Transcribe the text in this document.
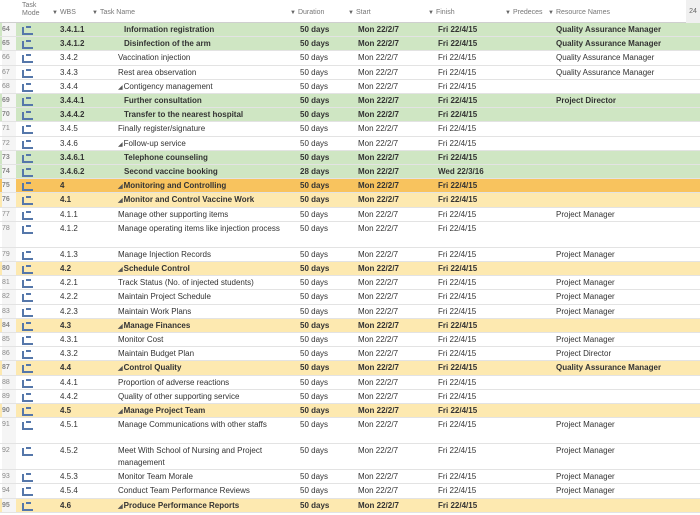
Task
Mode	▼ WBS	▼ Task Name	▼ Duration	▼ Start	▼ Finish	▼ Predeces ▼ Resource Names	24
64	3.4.1.1	Information registration	50 days	Mon 22/2/7	Fri 22/4/15	Quality Assurance Manager
65	3.4.1.2	Disinfection of the arm	50 days	Mon 22/2/7	Fri 22/4/15	Quality Assurance Manager
66	3.4.2	Vaccination injection	50 days	Mon 22/2/7	Fri 22/4/15	Quality Assurance Manager
67	3.4.3	Rest area observation	50 days	Mon 22/2/7	Fri 22/4/15	Quality Assurance Manager
68	3.4.4	◢Contigency management	50 days	Mon 22/2/7	Fri 22/4/15
69	3.4.4.1	Further consultation	50 days	Mon 22/2/7	Fri 22/4/15	Project Director
70	3.4.4.2	Transfer to the nearest hospital	50 days	Mon 22/2/7	Fri 22/4/15
71	3.4.5	Finally register/signature	50 days	Mon 22/2/7	Fri 22/4/15
72	3.4.6	◢Follow-up service	50 days	Mon 22/2/7	Fri 22/4/15
73	3.4.6.1	Telephone counseling	50 days	Mon 22/2/7	Fri 22/4/15
74	3.4.6.2	Second vaccine booking	28 days	Mon 22/2/7	Wed 22/3/16
75	4	◢Monitoring and Controlling	50 days	Mon 22/2/7	Fri 22/4/15
76	4.1	◢Monitor and Control Vaccine Work	50 days	Mon 22/2/7	Fri 22/4/15
77	4.1.1	Manage other supporting items	50 days	Mon 22/2/7	Fri 22/4/15	Project Manager
78	4.1.2	Manage operating items like injection process	50 days	Mon 22/2/7	Fri 22/4/15
79	4.1.3	Manage Injection Records	50 days	Mon 22/2/7	Fri 22/4/15	Project Manager
80	4.2	◢Schedule Control	50 days	Mon 22/2/7	Fri 22/4/15
81	4.2.1	Track Status (No. of injected students)	50 days	Mon 22/2/7	Fri 22/4/15	Project Manager
82	4.2.2	Maintain Project Schedule	50 days	Mon 22/2/7	Fri 22/4/15	Project Manager
83	4.2.3	Maintain Work Plans	50 days	Mon 22/2/7	Fri 22/4/15	Project Manager
84	4.3	◢Manage Finances	50 days	Mon 22/2/7	Fri 22/4/15
85	4.3.1	Monitor Cost	50 days	Mon 22/2/7	Fri 22/4/15	Project Manager
86	4.3.2	Maintain Budget Plan	50 days	Mon 22/2/7	Fri 22/4/15	Project Director
87	4.4	◢Control Quality	50 days	Mon 22/2/7	Fri 22/4/15	Quality Assurance Manager
88	4.4.1	Proportion of adverse reactions	50 days	Mon 22/2/7	Fri 22/4/15
89	4.4.2	Quality of other supporting service	50 days	Mon 22/2/7	Fri 22/4/15
90	4.5	◢Manage Project Team	50 days	Mon 22/2/7	Fri 22/4/15
91	4.5.1	Manage Communications with other staffs	50 days	Mon 22/2/7	Fri 22/4/15	Project Manager
92	4.5.2	Meet With School of Nursing and Project management
50 days	Mon 22/2/7	Fri 22/4/15	Project Manager
93	4.5.3	Monitor Team Morale	50 days	Mon 22/2/7	Fri 22/4/15	Project Manager
94	4.5.4	Conduct Team Performance Reviews	50 days	Mon 22/2/7	Fri 22/4/15	Project Manager
95	4.6	◢Produce Performance Reports	50 days	Mon 22/2/7	Fri 22/4/15
